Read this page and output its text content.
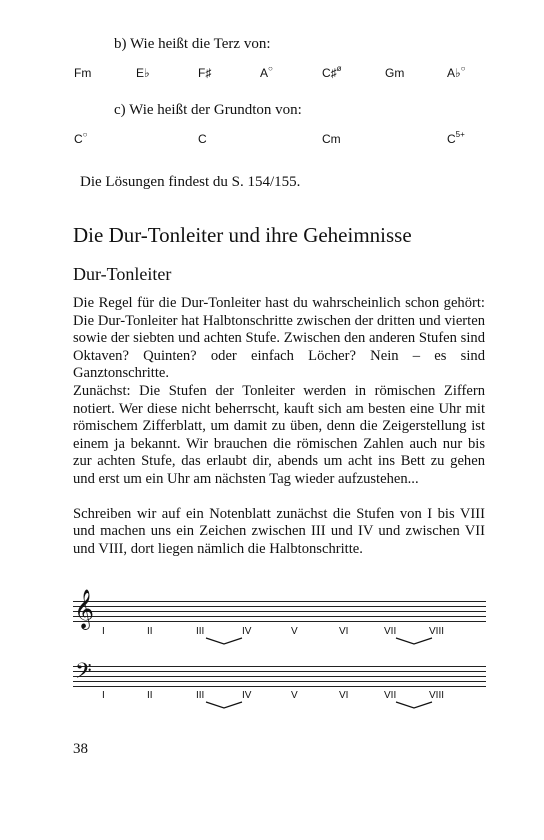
b) Wie heißt die Terz von:
Fm	E♭	F♯	A○	C♯$^ø$	Gm	A♭○
c) Wie heißt der Grundton von:
C○	C	Cm	$C^{5+}$
Die Lösungen findest du S. 154/155.
Die Dur-Tonleiter und ihre Geheimnisse
Dur-Tonleiter

Die Regel für die Dur-Tonleiter hast du wahrscheinlich schon gehört: Die Dur-Tonleiter hat Halbtonschritte zwischen der dritten und vierten sowie der siebten und achten Stufe. Zwischen den anderen Stufen sind Oktaven? Quinten? oder einfach Löcher? Nein – es sind Ganztonschritte.

Zunächst: Die Stufen der Tonleiter werden in römischen Ziffern notiert. Wer diese nicht beherrscht, kauft sich am besten eine Uhr mit römischem Zifferblatt, um damit zu üben, denn die Zeigerstellung ist einem ja bekannt. Wir brauchen die römischen Zahlen auch nur bis zur achten Stufe, das erlaubt dir, abends um acht ins Bett zu gehen und erst um ein Uhr am nächsten Tag wieder aufzustehen...

Schreiben wir auf ein Notenblatt zunächst die Stufen von I bis VIII und machen uns ein Zeichen zwischen III und IV und zwischen VII und VIII, dort liegen nämlich die Halbtonschritte.

𝄞
I	II	III	IV	V	VI	VII	VIII
𝄢
I	II	III	IV	V	VI	VII	VIII
38
